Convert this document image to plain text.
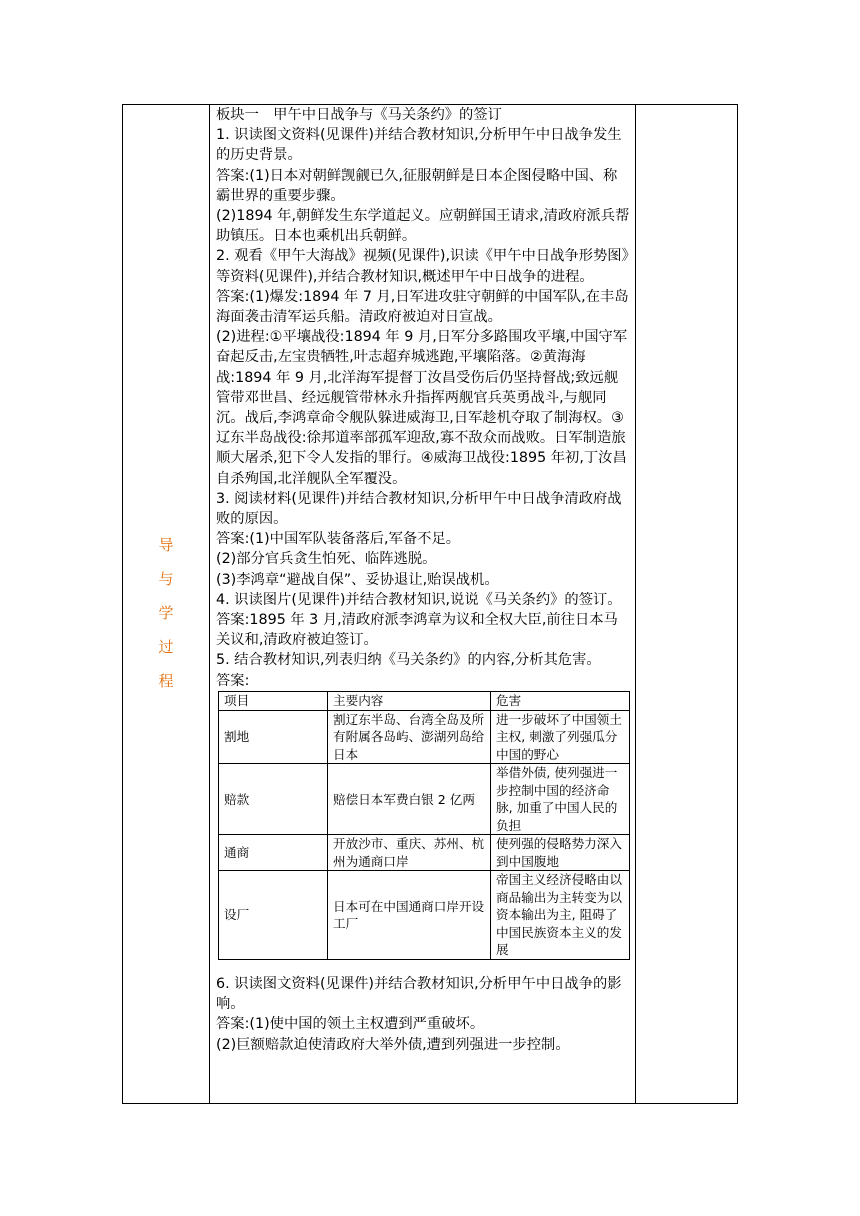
导
与
学
过
程

板块一　甲午中日战争与《马关条约》的签订

1. 识读图文资料(见课件)并结合教材知识,分析甲午中日战争发生的历史背景。

答案:(1)日本对朝鲜觊觎已久,征服朝鲜是日本企图侵略中国、称霸世界的重要步骤。

(2)1894 年,朝鲜发生东学道起义。应朝鲜国王请求,清政府派兵帮助镇压。日本也乘机出兵朝鲜。

2. 观看《甲午大海战》视频(见课件),识读《甲午中日战争形势图》等资料(见课件),并结合教材知识,概述甲午中日战争的进程。

答案:(1)爆发:1894 年 7 月,日军进攻驻守朝鲜的中国军队,在丰岛海面袭击清军运兵船。清政府被迫对日宣战。

(2)进程:①平壤战役:1894 年 9 月,日军分多路围攻平壤,中国守军奋起反击,左宝贵牺牲,叶志超弃城逃跑,平壤陷落。②黄海海战:1894 年 9 月,北洋海军提督丁汝昌受伤后仍坚持督战;致远舰管带邓世昌、经远舰管带林永升指挥两舰官兵英勇战斗,与舰同沉。战后,李鸿章命令舰队躲进威海卫,日军趁机夺取了制海权。③辽东半岛战役:徐邦道率部孤军迎敌,寡不敌众而战败。日军制造旅顺大屠杀,犯下令人发指的罪行。④威海卫战役:1895 年初,丁汝昌自杀殉国,北洋舰队全军覆没。

3. 阅读材料(见课件)并结合教材知识,分析甲午中日战争清政府战败的原因。

答案:(1)中国军队装备落后,军备不足。

(2)部分官兵贪生怕死、临阵逃脱。

(3)李鸿章“避战自保”、妥协退让,贻误战机。

4. 识读图片(见课件)并结合教材知识,说说《马关条约》的签订。

答案:1895 年 3 月,清政府派李鸿章为议和全权大臣,前往日本马关议和,清政府被迫签订。

5. 结合教材知识,列表归纳《马关条约》的内容,分析其危害。

答案:

项目	主要内容	危害
割地	割辽东半岛、台湾全岛及所有附属各岛屿、澎湖列岛给日本	进一步破坏了中国领土主权, 刺激了列强瓜分中国的野心
赔款	赔偿日本军费白银 2 亿两	举借外债, 使列强进一步控制中国的经济命脉, 加重了中国人民的负担
通商	开放沙市、重庆、苏州、杭州为通商口岸	使列强的侵略势力深入到中国腹地
设厂	日本可在中国通商口岸开设工厂	帝国主义经济侵略由以商品输出为主转变为以资本输出为主, 阻碍了中国民族资本主义的发展

6. 识读图文资料(见课件)并结合教材知识,分析甲午中日战争的影响。

答案:(1)使中国的领土主权遭到严重破坏。

(2)巨额赔款迫使清政府大举外债,遭到列强进一步控制。
